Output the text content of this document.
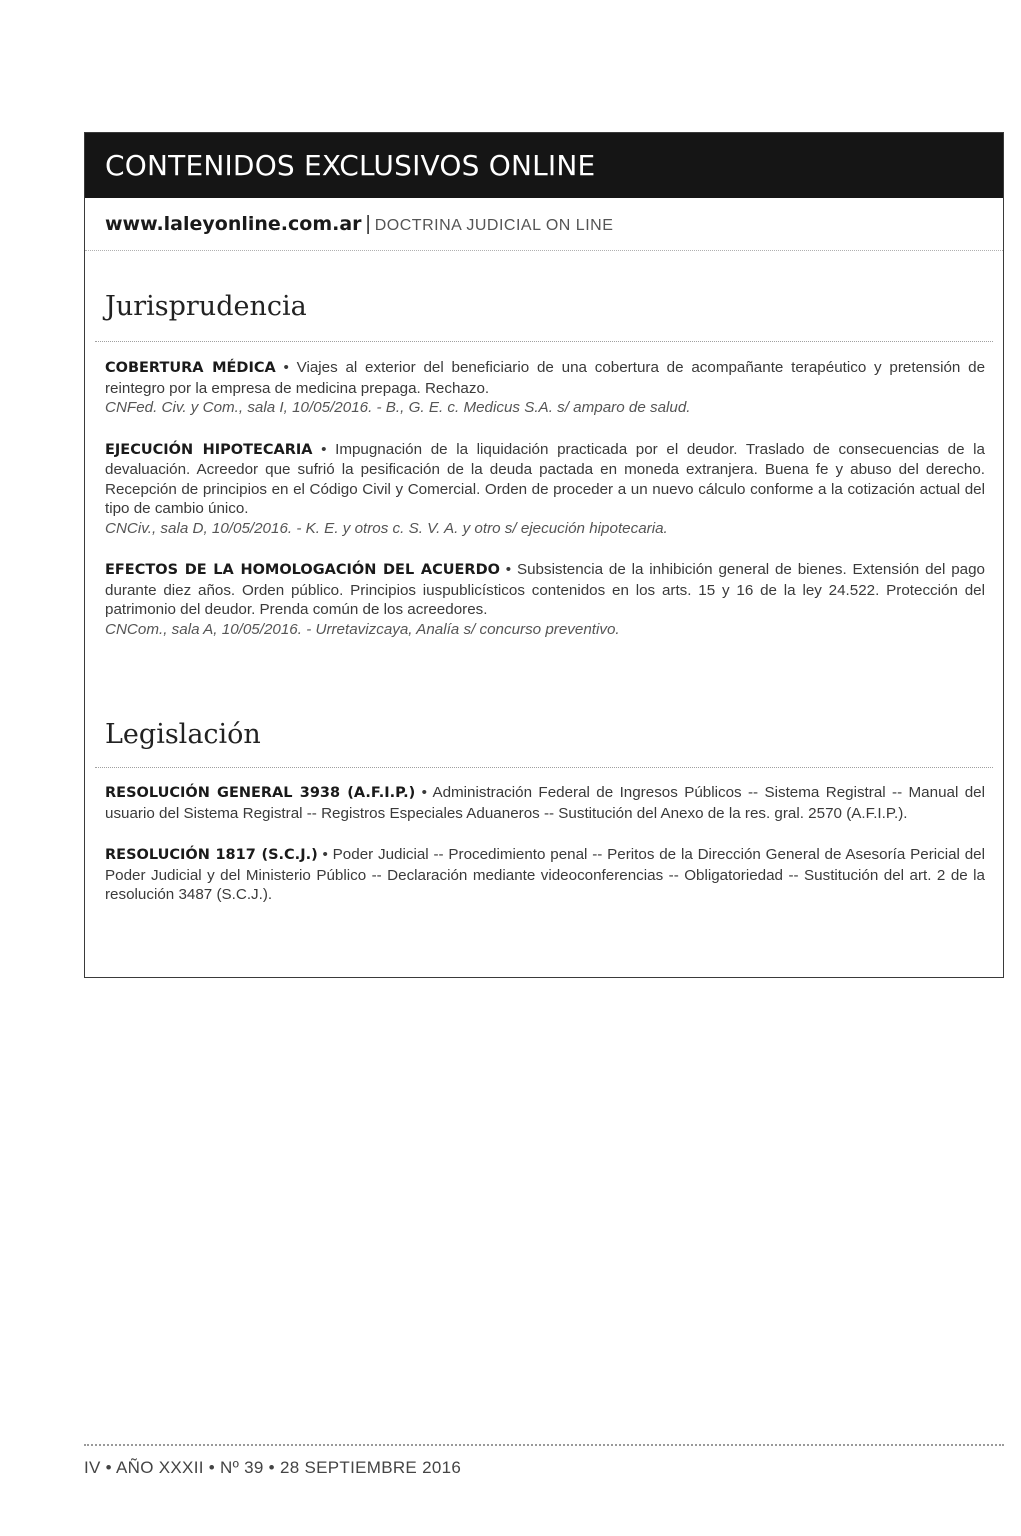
CONTENIDOS EXCLUSIVOS ONLINE
www.laleyonline.com.ar | DOCTRINA JUDICIAL ON LINE
Jurisprudencia

COBERTURA MÉDICA • Viajes al exterior del beneficiario de una cobertura de acompañante terapéutico y pretensión de reintegro por la empresa de medicina prepaga. Rechazo.
CNFed. Civ. y Com., sala I, 10/05/2016. - B., G. E. c. Medicus S.A. s/ amparo de salud.

EJECUCIÓN HIPOTECARIA • Impugnación de la liquidación practicada por el deudor. Traslado de consecuencias de la devaluación. Acreedor que sufrió la pesificación de la deuda pactada en moneda extranjera. Buena fe y abuso del derecho. Recepción de principios en el Código Civil y Comercial. Orden de proceder a un nuevo cálculo conforme a la cotización actual del tipo de cambio único.
CNCiv., sala D, 10/05/2016. - K. E. y otros c. S. V. A. y otro s/ ejecución hipotecaria.

EFECTOS DE LA HOMOLOGACIÓN DEL ACUERDO • Subsistencia de la inhibición general de bienes. Extensión del pago durante diez años. Orden público. Principios iuspublicísticos contenidos en los arts. 15 y 16 de la ley 24.522. Protección del patrimonio del deudor. Prenda común de los acreedores.
CNCom., sala A, 10/05/2016. - Urretavizcaya, Analía s/ concurso preventivo.

Legislación

RESOLUCIÓN GENERAL 3938 (A.F.I.P.) • Administración Federal de Ingresos Públicos -- Sistema Registral -- Manual del usuario del Sistema Registral -- Registros Especiales Aduaneros -- Sustitución del Anexo de la res. gral. 2570 (A.F.I.P.).

RESOLUCIÓN 1817 (S.C.J.) • Poder Judicial -- Procedimiento penal -- Peritos de la Dirección General de Asesoría Pericial del Poder Judicial y del Ministerio Público -- Declaración mediante videoconferencias -- Obligatoriedad -- Sustitución del art. 2 de la resolución 3487 (S.C.J.).

IV • AÑO XXXII • Nº 39 • 28 SEPTIEMBRE 2016
